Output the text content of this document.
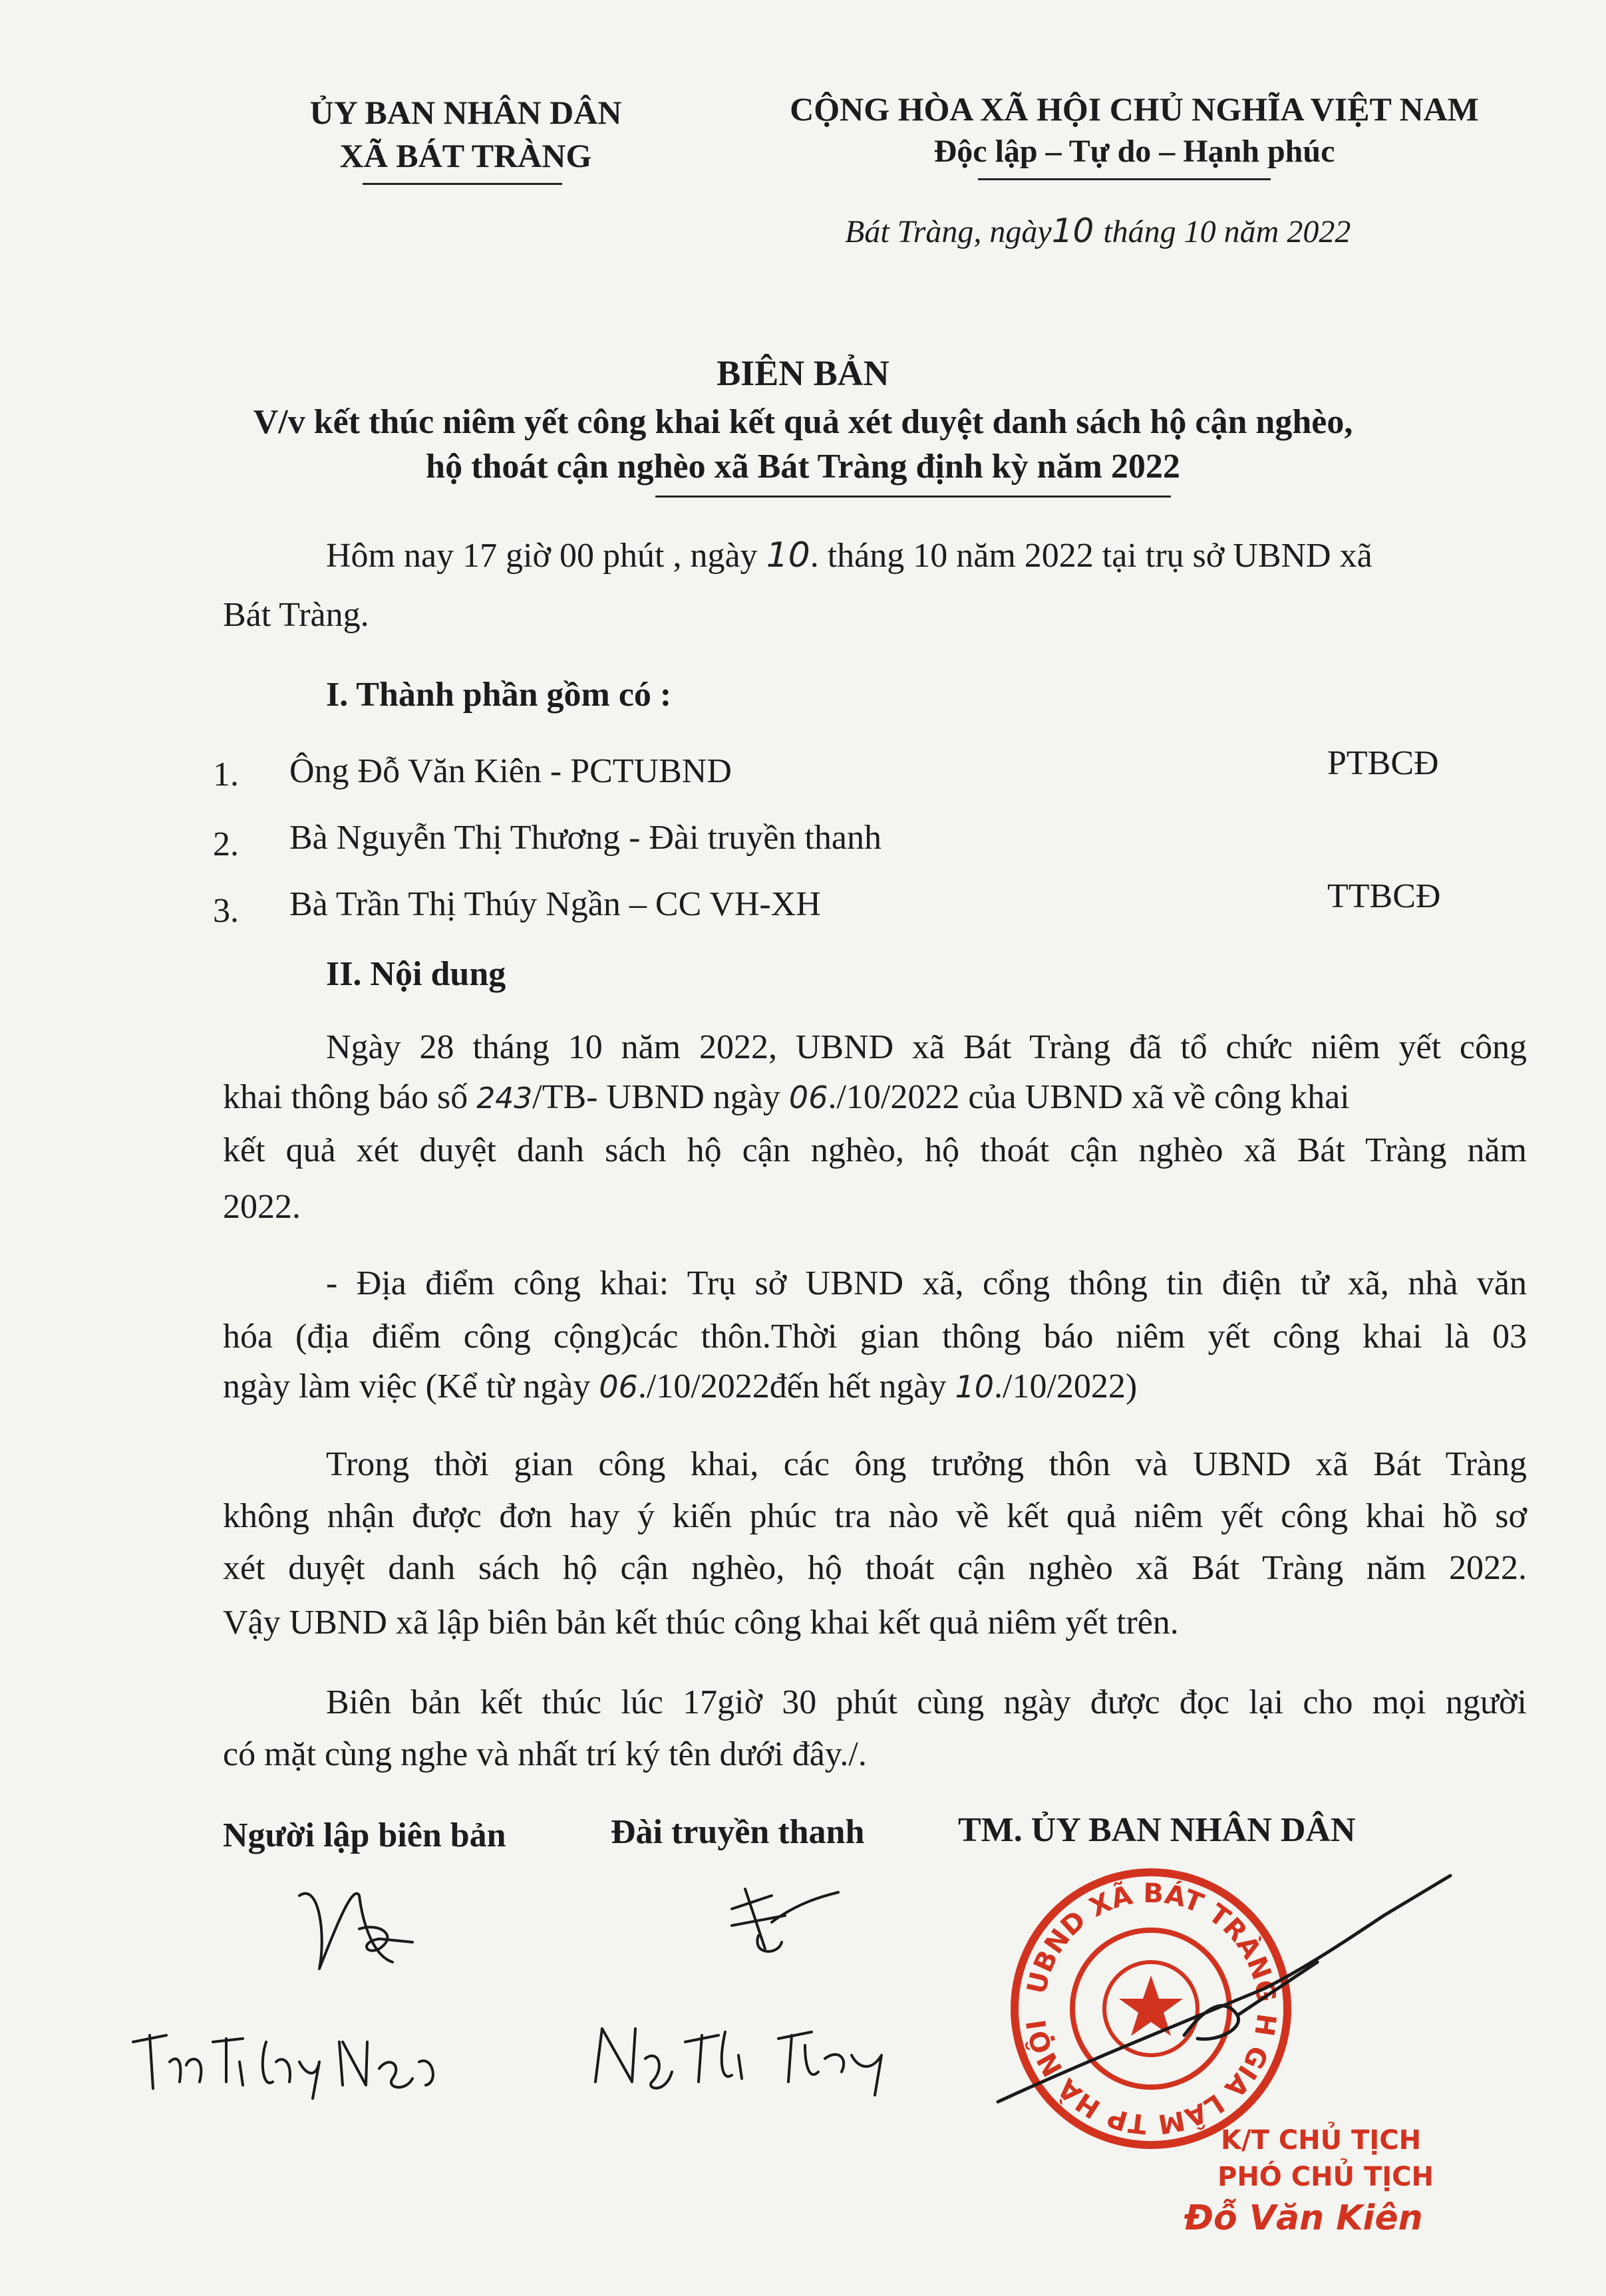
ỦY BAN NHÂN DÂN
XÃ BÁT TRÀNG
CỘNG HÒA XÃ HỘI CHỦ NGHĨA VIỆT NAM
Độc lập – Tự do – Hạnh phúc
Bát Tràng, ngày10 tháng 10 năm 2022
BIÊN BẢN
V/v kết thúc niêm yết công khai kết quả xét duyệt danh sách hộ cận nghèo,
hộ thoát cận nghèo xã Bát Tràng định kỳ năm 2022
Hôm nay 17 giờ 00 phút , ngày 10. tháng 10 năm 2022 tại trụ sở UBND xã
Bát Tràng.
I. Thành phần gồm có :
1. Ông Đỗ Văn Kiên - PCTUBND	PTBCĐ
2. Bà Nguyễn Thị Thương - Đài truyền thanh
3. Bà Trần Thị Thúy Ngần – CC VH-XH	TTBCĐ
II. Nội dung
Ngày 28 tháng 10 năm 2022, UBND xã Bát Tràng đã tổ chức niêm yết công
khai thông báo số 243/TB- UBND ngày 06./10/2022 của UBND xã về công khai
kết quả xét duyệt danh sách hộ cận nghèo, hộ thoát cận nghèo xã Bát Tràng năm
2022.
- Địa điểm công khai: Trụ sở UBND xã, cổng thông tin điện tử xã, nhà văn
hóa (địa điểm công cộng)các thôn.Thời gian thông báo niêm yết công khai là 03
ngày làm việc (Kể từ ngày 06./10/2022đến hết ngày 10./10/2022)
Trong thời gian công khai, các ông trưởng thôn và UBND xã Bát Tràng
không nhận được đơn hay ý kiến phúc tra nào về kết quả niêm yết công khai hồ sơ
xét duyệt danh sách hộ cận nghèo, hộ thoát cận nghèo xã Bát Tràng năm 2022.
Vậy UBND xã lập biên bản kết thúc công khai kết quả niêm yết trên.
Biên bản kết thúc lúc 17giờ 30 phút cùng ngày được đọc lại cho mọi người
có mặt cùng nghe và nhất trí ký tên dưới đây./.
Người lập biên bản	Đài truyền thanh	TM. ỦY BAN NHÂN DÂN
UBND XÃ BÁT TRÀNG H GIA LÂM TP HÀ NỘI
K/T CHỦ TỊCH
PHÓ CHỦ TỊCH
Đỗ Văn Kiên
